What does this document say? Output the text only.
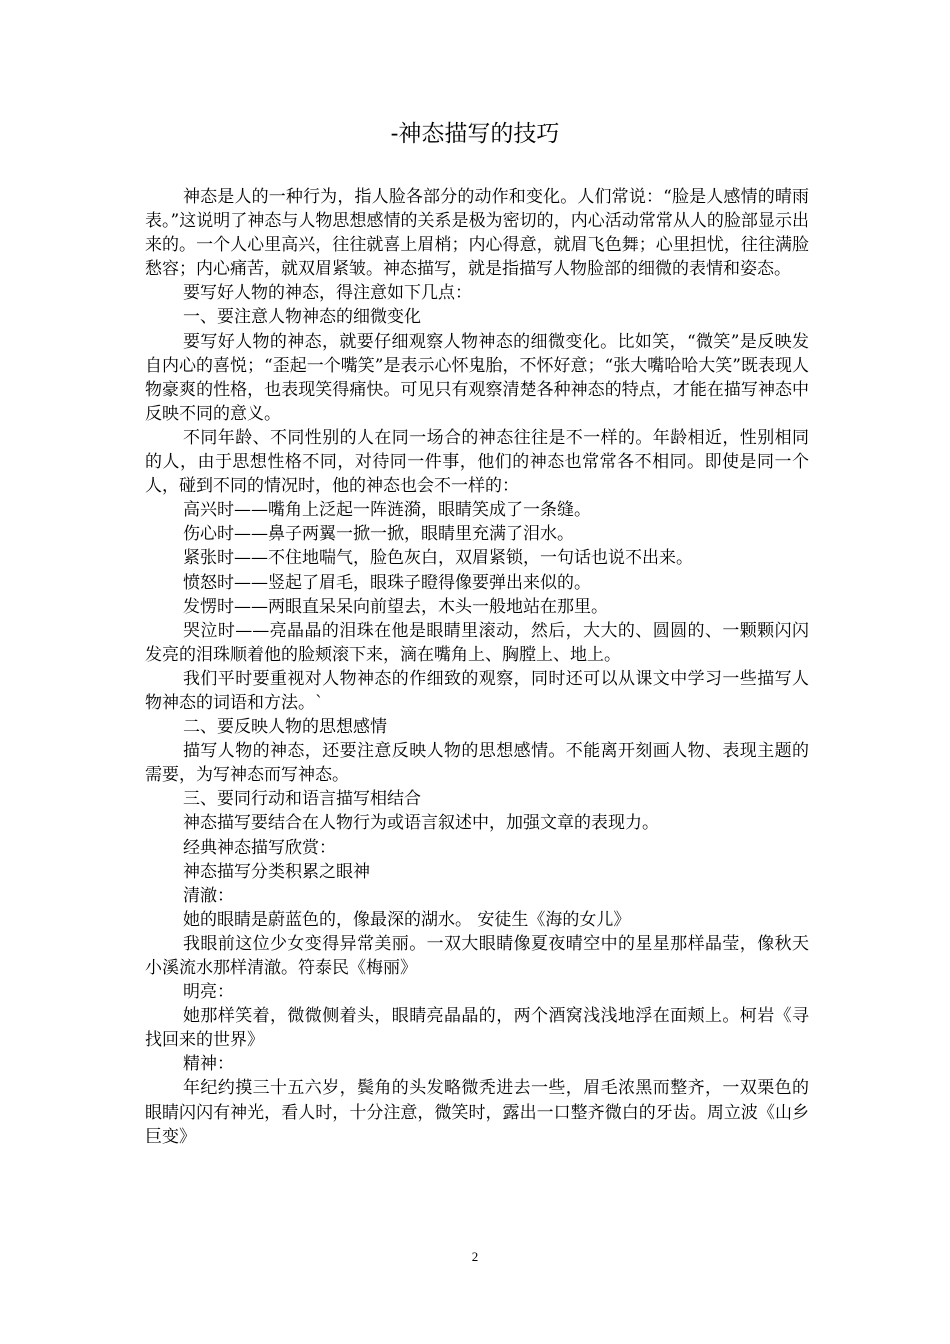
-神态描写的技巧

神态是人的一种行为，指人脸各部分的动作和变化。人们常说：“脸是人感情的晴雨表。”这说明了神态与人物思想感情的关系是极为密切的，内心活动常常从人的脸部显示出来的。一个人心里高兴，往往就喜上眉梢；内心得意，就眉飞色舞；心里担忧，往往满脸愁容；内心痛苦，就双眉紧皱。神态描写，就是指描写人物脸部的细微的表情和姿态。

要写好人物的神态，得注意如下几点：

一、要注意人物神态的细微变化

要写好人物的神态，就要仔细观察人物神态的细微变化。比如笑，“微笑”是反映发自内心的喜悦；“歪起一个嘴笑”是表示心怀鬼胎，不怀好意；“张大嘴哈哈大笑”既表现人物豪爽的性格，也表现笑得痛快。可见只有观察清楚各种神态的特点，才能在描写神态中反映不同的意义。

不同年龄、不同性别的人在同一场合的神态往往是不一样的。年龄相近，性别相同的人，由于思想性格不同，对待同一件事，他们的神态也常常各不相同。即使是同一个人，碰到不同的情况时，他的神态也会不一样的：

高兴时——嘴角上泛起一阵涟漪，眼睛笑成了一条缝。

伤心时——鼻子两翼一掀一掀，眼睛里充满了泪水。

紧张时——不住地喘气，脸色灰白，双眉紧锁，一句话也说不出来。

愤怒时——竖起了眉毛，眼珠子瞪得像要弹出来似的。

发愣时——两眼直呆呆向前望去，木头一般地站在那里。

哭泣时——亮晶晶的泪珠在他是眼睛里滚动，然后，大大的、圆圆的、一颗颗闪闪发亮的泪珠顺着他的脸颊滚下来，滴在嘴角上、胸膛上、地上。

我们平时要重视对人物神态的作细致的观察，同时还可以从课文中学习一些描写人物神态的词语和方法。`

二、要反映人物的思想感情

描写人物的神态，还要注意反映人物的思想感情。不能离开刻画人物、表现主题的需要，为写神态而写神态。

三、要同行动和语言描写相结合

神态描写要结合在人物行为或语言叙述中，加强文章的表现力。

经典神态描写欣赏：

神态描写分类积累之眼神

清澈：

她的眼睛是蔚蓝色的，像最深的湖水。 安徒生《海的女儿》

我眼前这位少女变得异常美丽。一双大眼睛像夏夜晴空中的星星那样晶莹，像秋天小溪流水那样清澈。符泰民《梅丽》

明亮：

她那样笑着，微微侧着头，眼睛亮晶晶的，两个酒窝浅浅地浮在面颊上。柯岩《寻找回来的世界》

精神：

年纪约摸三十五六岁，鬓角的头发略微秃进去一些，眉毛浓黑而整齐，一双栗色的眼睛闪闪有神光，看人时，十分注意，微笑时，露出一口整齐微白的牙齿。周立波《山乡巨变》

2
